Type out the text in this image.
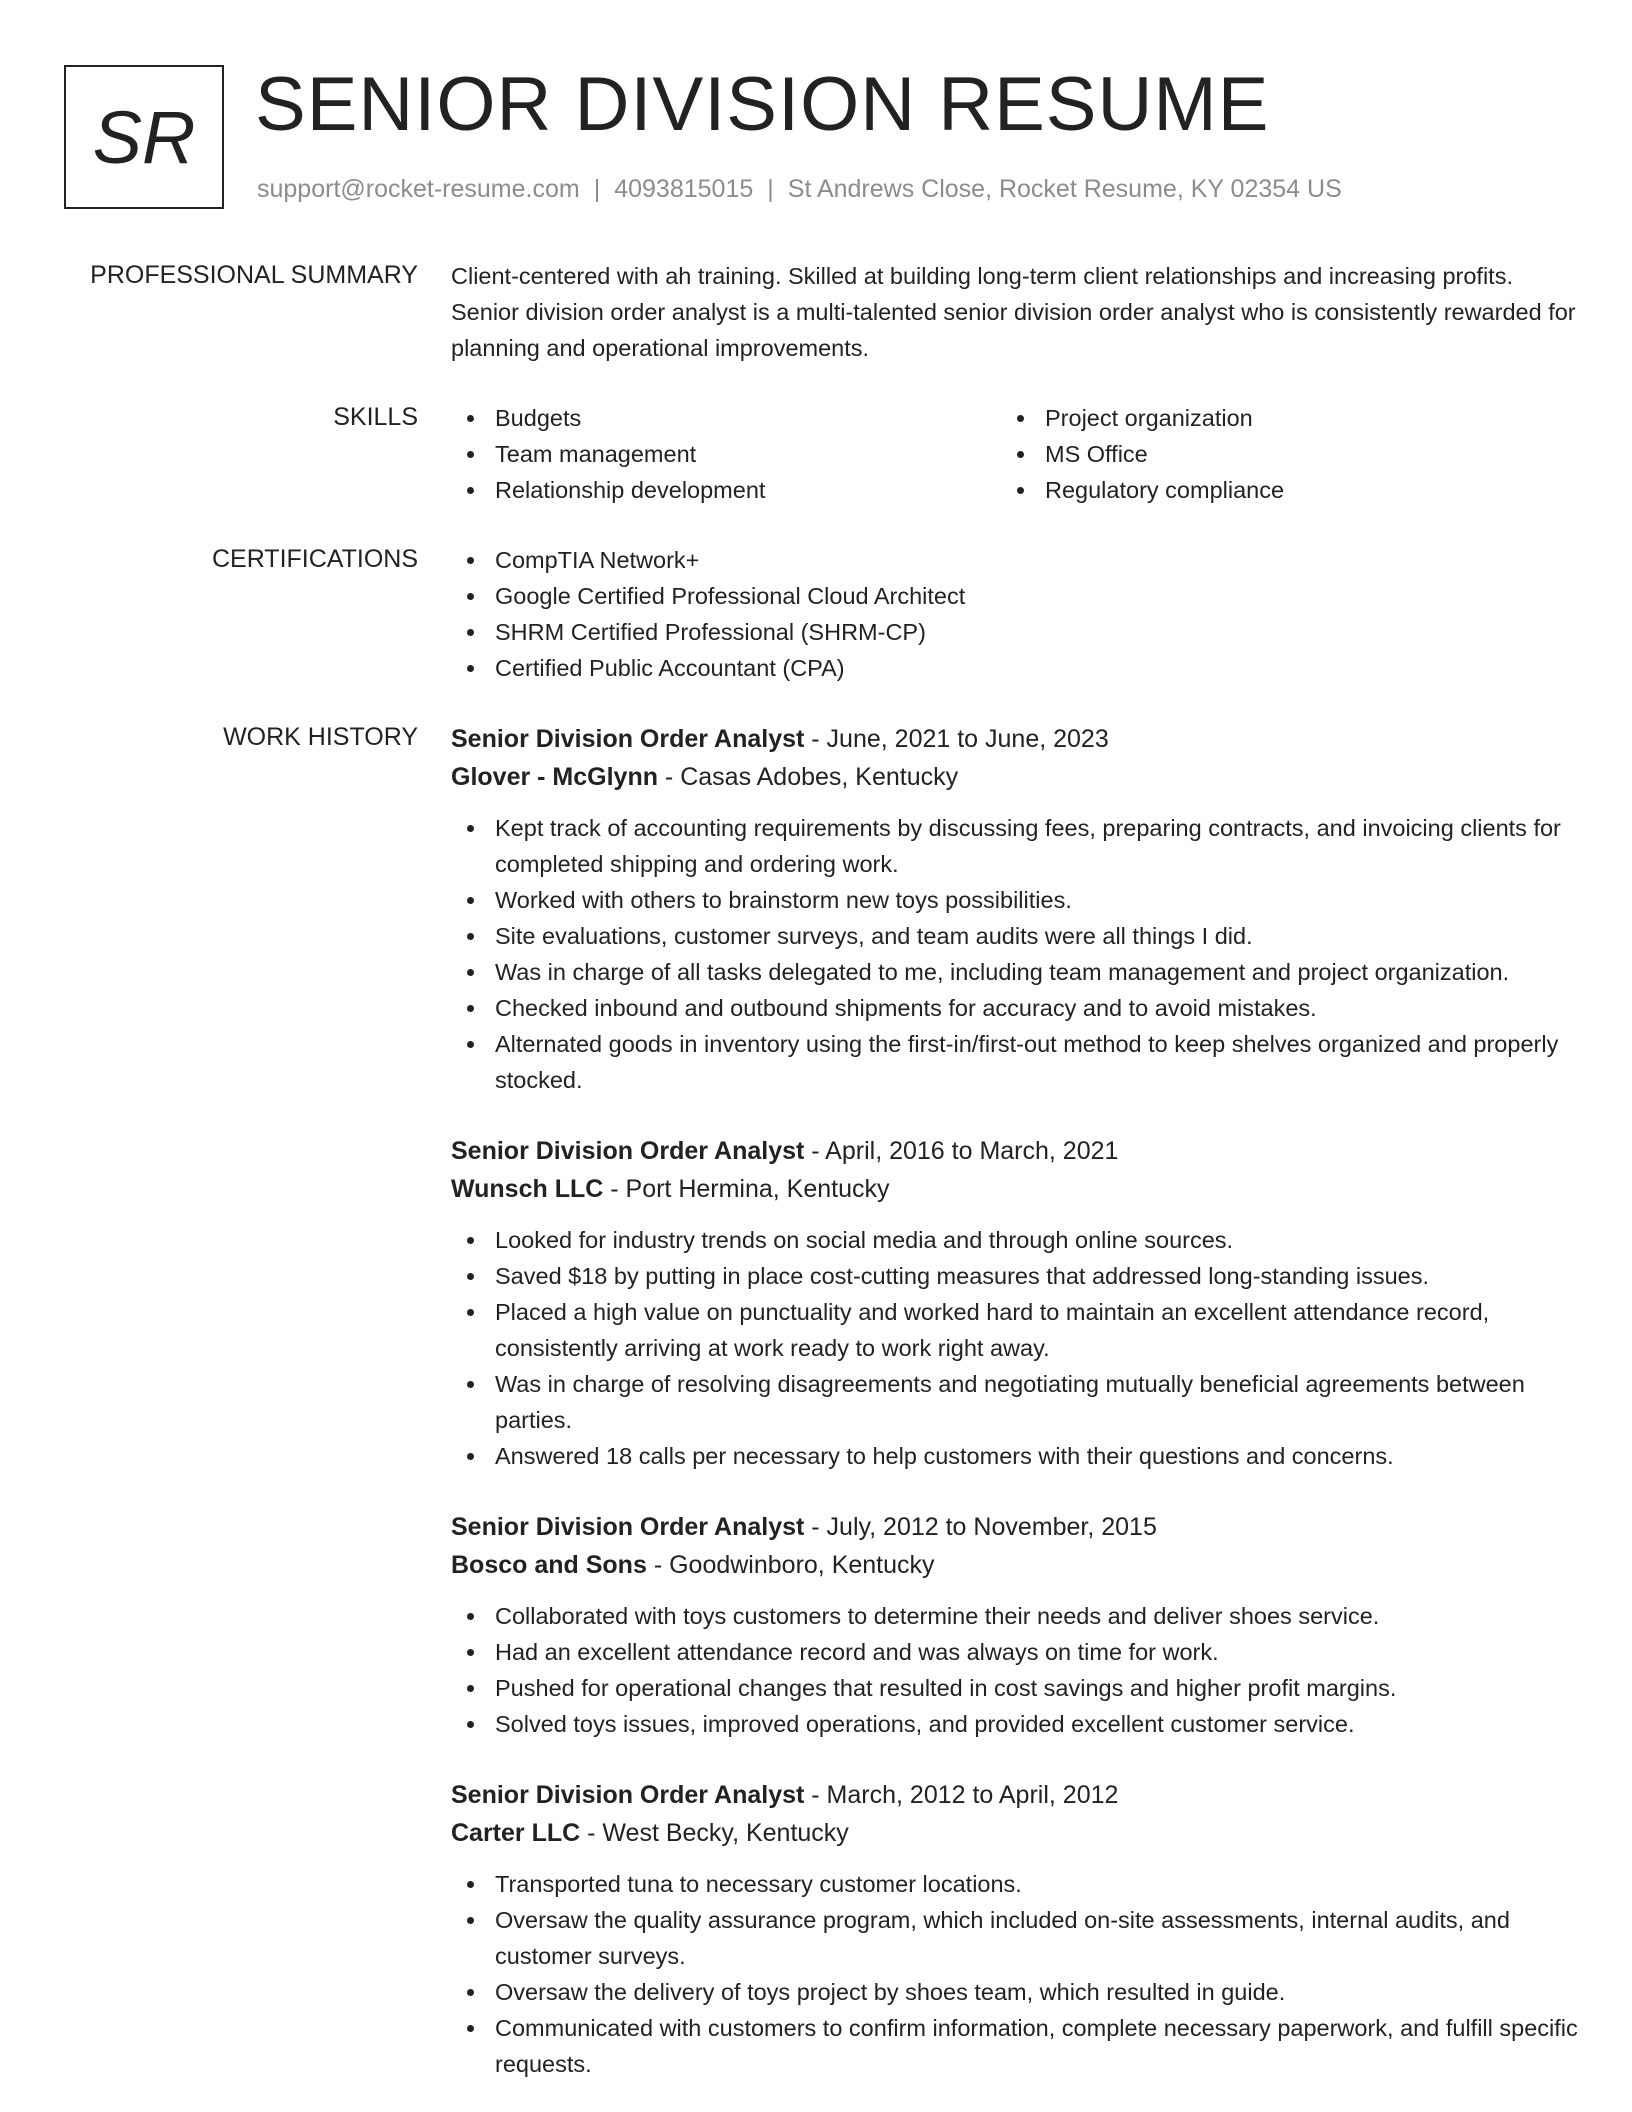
SR SENIOR DIVISION RESUME
support@rocket-resume.com | 4093815015 | St Andrews Close, Rocket Resume, KY 02354 US
PROFESSIONAL SUMMARY Client-centered with ah training. Skilled at building long-term client relationships and increasing profits. Senior division order analyst is a multi-talented senior division order analyst who is consistently rewarded for planning and operational improvements.
SKILLS	Budgets	Project organization
Team management	MS Office
Relationship development	Regulatory compliance
CERTIFICATIONS	CompTIA Network+
Google Certified Professional Cloud Architect
SHRM Certified Professional (SHRM-CP)
Certified Public Accountant (CPA)
WORK HISTORY Senior Division Order Analyst - June, 2021 to June, 2023
Glover - McGlynn - Casas Adobes, Kentucky
Kept track of accounting requirements by discussing fees, preparing contracts, and invoicing clients for completed shipping and ordering work.
Worked with others to brainstorm new toys possibilities.
Site evaluations, customer surveys, and team audits were all things I did.
Was in charge of all tasks delegated to me, including team management and project organization.
Checked inbound and outbound shipments for accuracy and to avoid mistakes.
Alternated goods in inventory using the first-in/first-out method to keep shelves organized and properly stocked.
Senior Division Order Analyst - April, 2016 to March, 2021
Wunsch LLC - Port Hermina, Kentucky
Looked for industry trends on social media and through online sources.
Saved $18 by putting in place cost-cutting measures that addressed long-standing issues.
Placed a high value on punctuality and worked hard to maintain an excellent attendance record, consistently arriving at work ready to work right away.
Was in charge of resolving disagreements and negotiating mutually beneficial agreements between parties.
Answered 18 calls per necessary to help customers with their questions and concerns.
Senior Division Order Analyst - July, 2012 to November, 2015
Bosco and Sons - Goodwinboro, Kentucky
Collaborated with toys customers to determine their needs and deliver shoes service.
Had an excellent attendance record and was always on time for work.
Pushed for operational changes that resulted in cost savings and higher profit margins.
Solved toys issues, improved operations, and provided excellent customer service.
Senior Division Order Analyst - March, 2012 to April, 2012
Carter LLC - West Becky, Kentucky
Transported tuna to necessary customer locations.
Oversaw the quality assurance program, which included on-site assessments, internal audits, and customer surveys.
Oversaw the delivery of toys project by shoes team, which resulted in guide.
Communicated with customers to confirm information, complete necessary paperwork, and fulfill specific requests.
